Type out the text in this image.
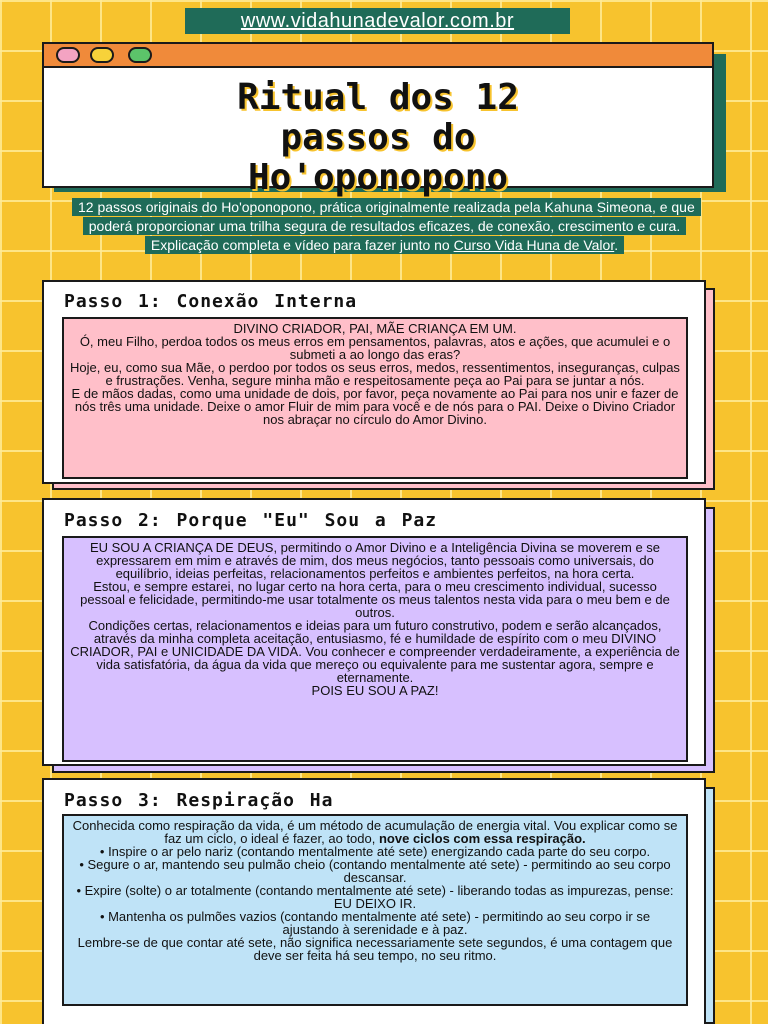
www.vidahunadevalor.com.br
Ritual dos 12
passos do
Ho'oponopono
12 passos originais do Ho'oponopono, prática originalmente realizada pela Kahuna Simeona, e que poderá proporcionar uma trilha segura de resultados eficazes, de conexão, crescimento e cura. Explicação completa e vídeo para fazer junto no Curso Vida Huna de Valor.
Passo 1: Conexão Interna

DIVINO CRIADOR, PAI, MÃE CRIANÇA EM UM.

Ó, meu Filho, perdoa todos os meus erros em pensamentos, palavras, atos e ações, que acumulei e o submeti a ao longo das eras?

Hoje, eu, como sua Mãe, o perdoo por todos os seus erros, medos, ressentimentos, inseguranças, culpas e frustrações. Venha, segure minha mão e respeitosamente peça ao Pai para se juntar a nós.

E de mãos dadas, como uma unidade de dois, por favor, peça novamente ao Pai para nos unir e fazer de nós três uma unidade. Deixe o amor Fluir de mim para você e de nós para o PAI. Deixe o Divino Criador nos abraçar no círculo do Amor Divino.

Passo 2: Porque "Eu" Sou a Paz

EU SOU A CRIANÇA DE DEUS, permitindo o Amor Divino e a Inteligência Divina se moverem e se expressarem em mim e através de mim, dos meus negócios, tanto pessoais como universais, do equilíbrio, ideias perfeitas, relacionamentos perfeitos e ambientes perfeitos, na hora certa.

Estou, e sempre estarei, no lugar certo na hora certa, para o meu crescimento individual, sucesso pessoal e felicidade, permitindo-me usar totalmente os meus talentos nesta vida para o meu bem e de outros.

Condições certas, relacionamentos e ideias para um futuro construtivo, podem e serão alcançados, através da minha completa aceitação, entusiasmo, fé e humildade de espírito com o meu DIVINO CRIADOR, PAI e UNICIDADE DA VIDA. Vou conhecer e compreender verdadeiramente, a experiência de vida satisfatória, da água da vida que mereço ou equivalente para me sustentar agora, sempre e eternamente.

POIS EU SOU A PAZ!

Passo 3: Respiração Ha

Conhecida como respiração da vida, é um método de acumulação de energia vital. Vou explicar como se faz um ciclo, o ideal é fazer, ao todo, nove ciclos com essa respiração.

• Inspire o ar pelo nariz (contando mentalmente até sete) energizando cada parte do seu corpo.

• Segure o ar, mantendo seu pulmão cheio (contando mentalmente até sete) - permitindo ao seu corpo descansar.

• Expire (solte) o ar totalmente (contando mentalmente até sete) - liberando todas as impurezas, pense: EU DEIXO IR.

• Mantenha os pulmões vazios (contando mentalmente até sete) - permitindo ao seu corpo ir se ajustando à serenidade e à paz.

Lembre-se de que contar até sete, não significa necessariamente sete segundos, é uma contagem que deve ser feita há seu tempo, no seu ritmo.
